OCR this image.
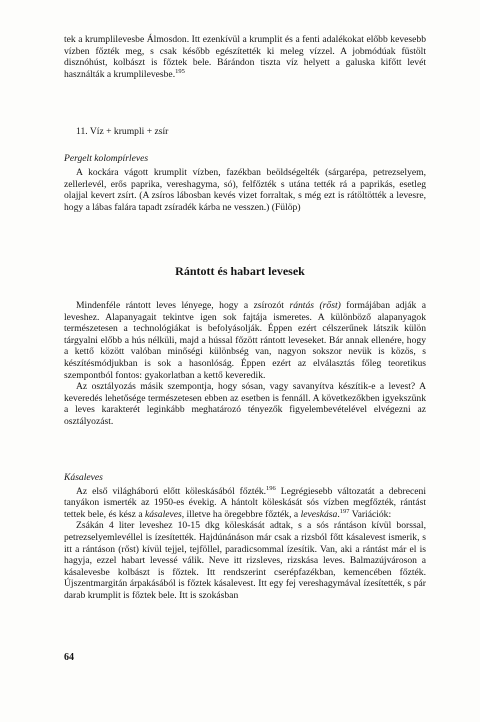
tek a krumplilevesbe Álmosdon. Itt ezenkívül a krumplit és a fenti adalékokat előbb kevesebb vízben főzték meg, s csak később egészítették ki meleg vízzel. A jobmódúak füstölt disznóhúst, kolbászt is főztek bele. Bárándon tiszta víz helyett a galuska kifőtt levét használták a krumplilevesbe.$^{195}$

11. Víz + krumpli + zsír

Pergelt kolompírleves

A kockára vágott krumplit vízben, fazékban beöldségelték (sárgarépa, petrezselyem, zellerlevél, erős paprika, vereshagyma, só), felfőzték s utána tették rá a paprikás, esetleg olajjal kevert zsírt. (A zsíros lábosban kevés vizet forraltak, s még ezt is rátöltötték a levesre, hogy a lábas falára tapadt zsíradék kárba ne vesszen.) (Fülöp)

Rántott és habart levesek

Mindenféle rántott leves lényege, hogy a zsírozót rántás (rőst) formájában adják a leveshez. Alapanyagait tekintve igen sok fajtája ismeretes. A különböző alapanyagok természetesen a technológiákat is befolyásolják. Éppen ezért célszerűnek látszik külön tárgyalni előbb a hús nélküli, majd a hússal főzött rántott leveseket. Bár annak ellenére, hogy a kettő között valóban minőségi különbség van, nagyon sokszor nevük is közös, s készítésmódjukban is sok a hasonlóság. Éppen ezért az elválasztás főleg teoretikus szempontból fontos: gyakorlatban a kettő keveredik.

Az osztályozás másik szempontja, hogy sósan, vagy savanyítva készítik-e a levest? A keveredés lehetősége természetesen ebben az esetben is fennáll. A következőkben igyekszünk a leves karakterét leginkább meghatározó tényezők figyelembevételével elvégezni az osztályozást.

Kásaleves

Az első világháború előtt köleskásából főzték.$^{196}$ Legrégiesebb változatát a debreceni tanyákon ismerték az 1950-es évekig. A hántolt köleskását sós vízben megfőzték, rántást tettek bele, és kész a kásaleves, illetve ha öregebbre főzték, a leveskása.$^{197}$ Variációk:

Zsákán 4 liter leveshez 10-15 dkg köleskását adtak, s a sós rántáson kívül borssal, petrezselyemlevéllel is ízesítették. Hajdúnánáson már csak a rizsból főtt kásalevest ismerik, s itt a rántáson (rőst) kívül tejjel, tejföllel, paradicsommal ízesítik. Van, aki a rántást már el is hagyja, ezzel habart levessé válik. Neve itt rizsleves, rizskása leves. Balmazújvároson a kásalevesbe kolbászt is főztek. Itt rendszerint cserépfazékban, kemencében főzték. Újszentmargitán árpakásából is főztek kásalevest. Itt egy fej vereshagymával ízesítették, s pár darab krumplit is főztek bele. Itt is szokásban

64
